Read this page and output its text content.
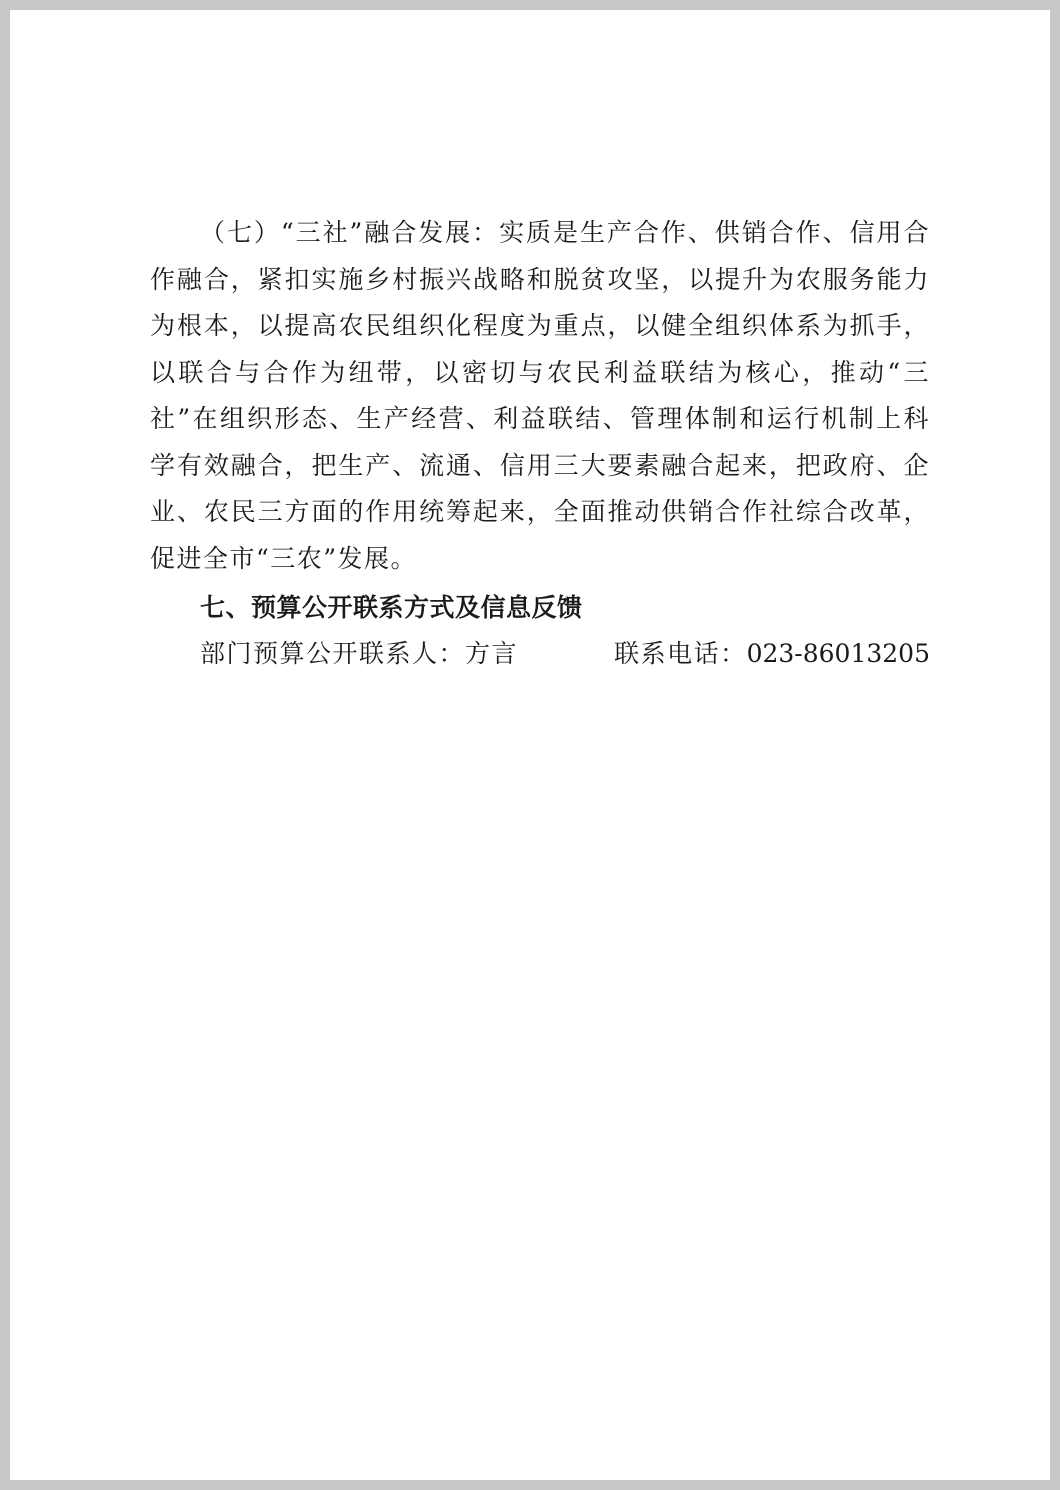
（七）“三社”融合发展：实质是生产合作、供销合作、信用合作融合，紧扣实施乡村振兴战略和脱贫攻坚，以提升为农服务能力为根本，以提高农民组织化程度为重点，以健全组织体系为抓手，以联合与合作为纽带，以密切与农民利益联结为核心，推动“三社”在组织形态、生产经营、利益联结、管理体制和运行机制上科学有效融合，把生产、流通、信用三大要素融合起来，把政府、企业、农民三方面的作用统筹起来，全面推动供销合作社综合改革，促进全市“三农”发展。

七、预算公开联系方式及信息反馈

部门预算公开联系人：方言	联系电话：023-86013205
